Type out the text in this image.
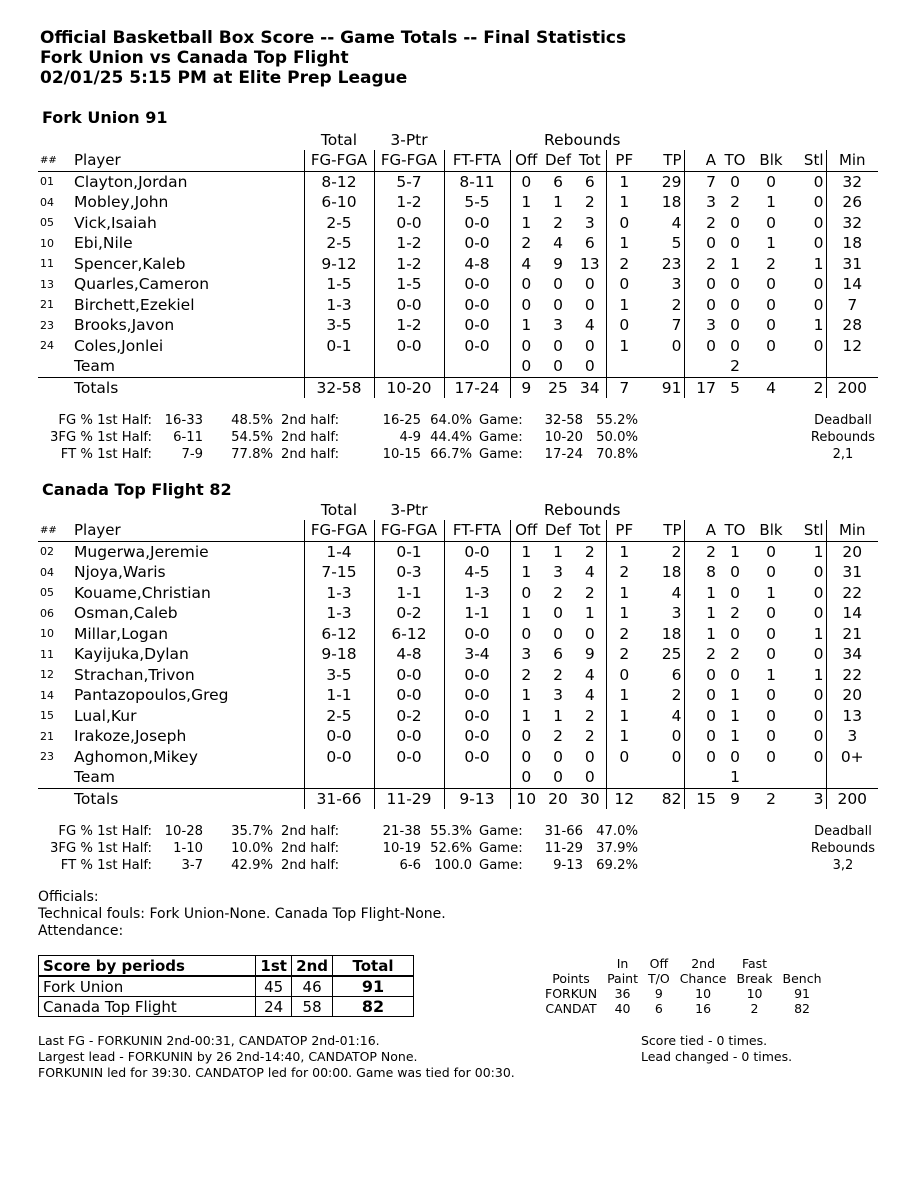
Official Basketball Box Score -- Game Totals -- Final Statistics
Fork Union vs Canada Top Flight
02/01/25 5:15 PM at Elite Prep League
Fork Union 91
		Total	3-Ptr			Rebounds								
##	Player	FG-FGA	FG-FGA	FT-FTA	Off	Def	Tot	PF	TP	A	TO	Blk	Stl	Min
01	Clayton,Jordan	8-12	5-7	8-11	0	6	6	1	29	7	0	0	0	32
04	Mobley,John	6-10	1-2	5-5	1	1	2	1	18	3	2	1	0	26
05	Vick,Isaiah	2-5	0-0	0-0	1	2	3	0	4	2	0	0	0	32
10	Ebi,Nile	2-5	1-2	0-0	2	4	6	1	5	0	0	1	0	18
11	Spencer,Kaleb	9-12	1-2	4-8	4	9	13	2	23	2	1	2	1	31
13	Quarles,Cameron	1-5	1-5	0-0	0	0	0	0	3	0	0	0	0	14
21	Birchett,Ezekiel	1-3	0-0	0-0	0	0	0	1	2	0	0	0	0	7
23	Brooks,Javon	3-5	1-2	0-0	1	3	4	0	7	3	0	0	1	28
24	Coles,Jonlei	0-1	0-0	0-0	0	0	0	1	0	0	0	0	0	12
	Team				0	0	0				2			
	Totals	32-58	10-20	17-24	9	25	34	7	91	17	5	4	2	200
FG % 1st Half: 16-33 48.5% 2nd half:	16-25 64.0% Game: 32-58 55.2%
3FG % 1st Half: 6-11 54.5% 2nd half:	4-9 44.4% Game: 10-20 50.0%
FT % 1st Half: 7-9 77.8% 2nd half:	10-15 66.7% Game: 17-24 70.8%
Deadball
Rebounds
2,1
Canada Top Flight 82
		Total	3-Ptr			Rebounds								
##	Player	FG-FGA	FG-FGA	FT-FTA	Off	Def	Tot	PF	TP	A	TO	Blk	Stl	Min
02	Mugerwa,Jeremie	1-4	0-1	0-0	1	1	2	1	2	2	1	0	1	20
04	Njoya,Waris	7-15	0-3	4-5	1	3	4	2	18	8	0	0	0	31
05	Kouame,Christian	1-3	1-1	1-3	0	2	2	1	4	1	0	1	0	22
06	Osman,Caleb	1-3	0-2	1-1	1	0	1	1	3	1	2	0	0	14
10	Millar,Logan	6-12	6-12	0-0	0	0	0	2	18	1	0	0	1	21
11	Kayijuka,Dylan	9-18	4-8	3-4	3	6	9	2	25	2	2	0	0	34
12	Strachan,Trivon	3-5	0-0	0-0	2	2	4	0	6	0	0	1	1	22
14	Pantazopoulos,Greg	1-1	0-0	0-0	1	3	4	1	2	0	1	0	0	20
15	Lual,Kur	2-5	0-2	0-0	1	1	2	1	4	0	1	0	0	13
21	Irakoze,Joseph	0-0	0-0	0-0	0	2	2	1	0	0	1	0	0	3
23	Aghomon,Mikey	0-0	0-0	0-0	0	0	0	0	0	0	0	0	0	0+
	Team				0	0	0				1			
	Totals	31-66	11-29	9-13	10	20	30	12	82	15	9	2	3	200
FG % 1st Half: 10-28 35.7% 2nd half:	21-38 55.3% Game: 31-66 47.0%
3FG % 1st Half: 1-10 10.0% 2nd half:	10-19 52.6% Game: 11-29 37.9%
FT % 1st Half: 3-7 42.9% 2nd half:	6-6 100.0 Game: 9-13 69.2%
Deadball
Rebounds
3,2
Officials:
Technical fouls: Fork Union-None. Canada Top Flight-None.
Attendance:
Score by periods	1st	2nd	Total
Fork Union	45	46	91
Canada Top Flight	24	58	82
	In	Off	2nd	Fast	
Points	Paint	T/O	Chance	Break	Bench
FORKUN	36	9	10	10	91
CANDAT	40	6	16	2	82
Last FG - FORKUNIN 2nd-00:31, CANDATOP 2nd-01:16.
Largest lead - FORKUNIN by 26 2nd-14:40, CANDATOP None.
FORKUNIN led for 39:30. CANDATOP led for 00:00. Game was tied for 00:30.
Score tied - 0 times.
Lead changed - 0 times.
